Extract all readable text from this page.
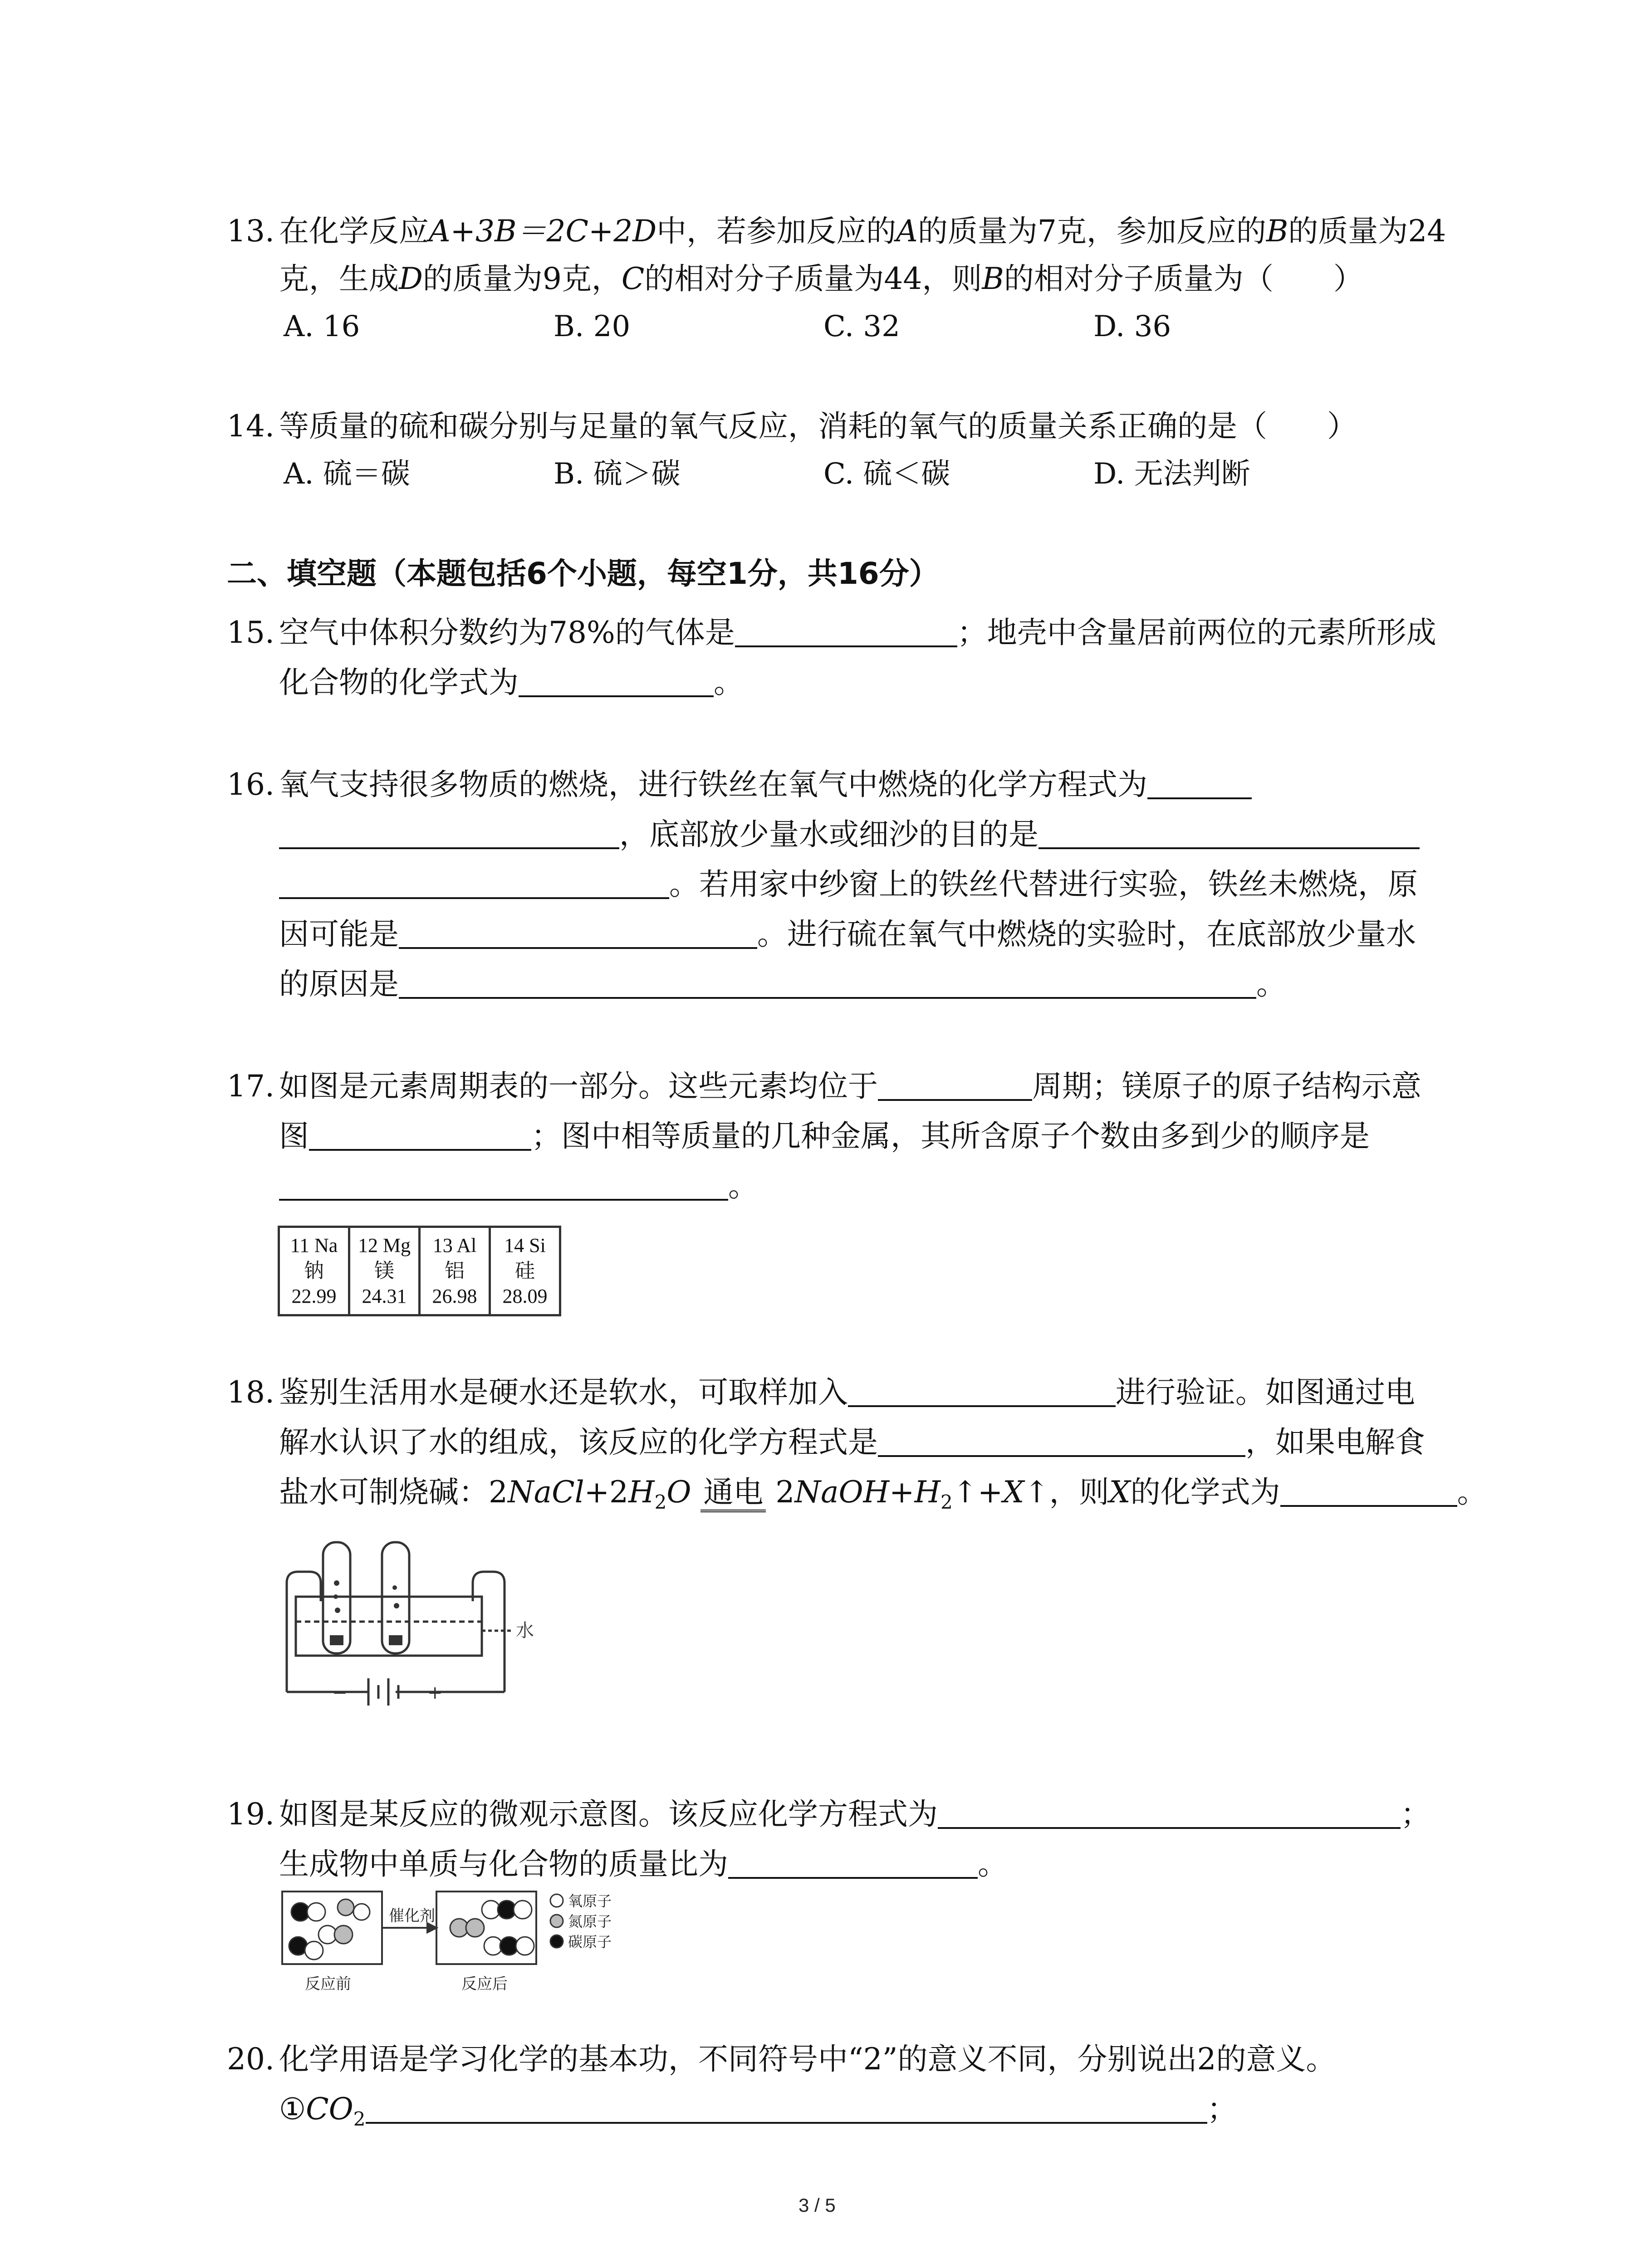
13. 在化学反应A+3B＝2C+2D中，若参加反应的A的质量为7克，参加反应的B的质量为24
克，生成D的质量为9克，C的相对分子质量为44，则B的相对分子质量为（　　）
A. 16	B. 20	C. 32	D. 36
14. 等质量的硫和碳分别与足量的氧气反应，消耗的氧气的质量关系正确的是（　　）
A. 硫＝碳	B. 硫＞碳	C. 硫＜碳	D. 无法判断
二、填空题（本题包括6个小题，每空1分，共16分）
15. 空气中体积分数约为78%的气体是	；地壳中含量居前两位的元素所形成
化合物的化学式为	。
16. 氧气支持很多物质的燃烧，进行铁丝在氧气中燃烧的化学方程式为
，底部放少量水或细沙的目的是
。若用家中纱窗上的铁丝代替进行实验，铁丝未燃烧，原
因可能是	。进行硫在氧气中燃烧的实验时，在底部放少量水
的原因是	。
17. 如图是元素周期表的一部分。这些元素均位于	周期；镁原子的原子结构示意
图	；图中相等质量的几种金属，其所含原子个数由多到少的顺序是
。
11 Na
钠
22.99

12 Mg
镁
24.31

13 Al
铝
26.98

14 Si
硅
28.09
18. 鉴别生活用水是硬水还是软水，可取样加入	进行验证。如图通过电
解水认识了水的组成，该反应的化学方程式是	，如果电解食
盐水可制烧碱：$2NaCl+2H_2O$ 通电 $2NaOH+H_2↑+X↑$，则X的化学式为	。
水
−	+
19. 如图是某反应的微观示意图。该反应化学方程式为	；
生成物中单质与化合物的质量比为	。
催化剂
反应前	反应后
氧原子
氮原子
碳原子
20. 化学用语是学习化学的基本功，不同符号中“2”的意义不同，分别说出2的意义。
$①CO_2$	；
3 / 5
